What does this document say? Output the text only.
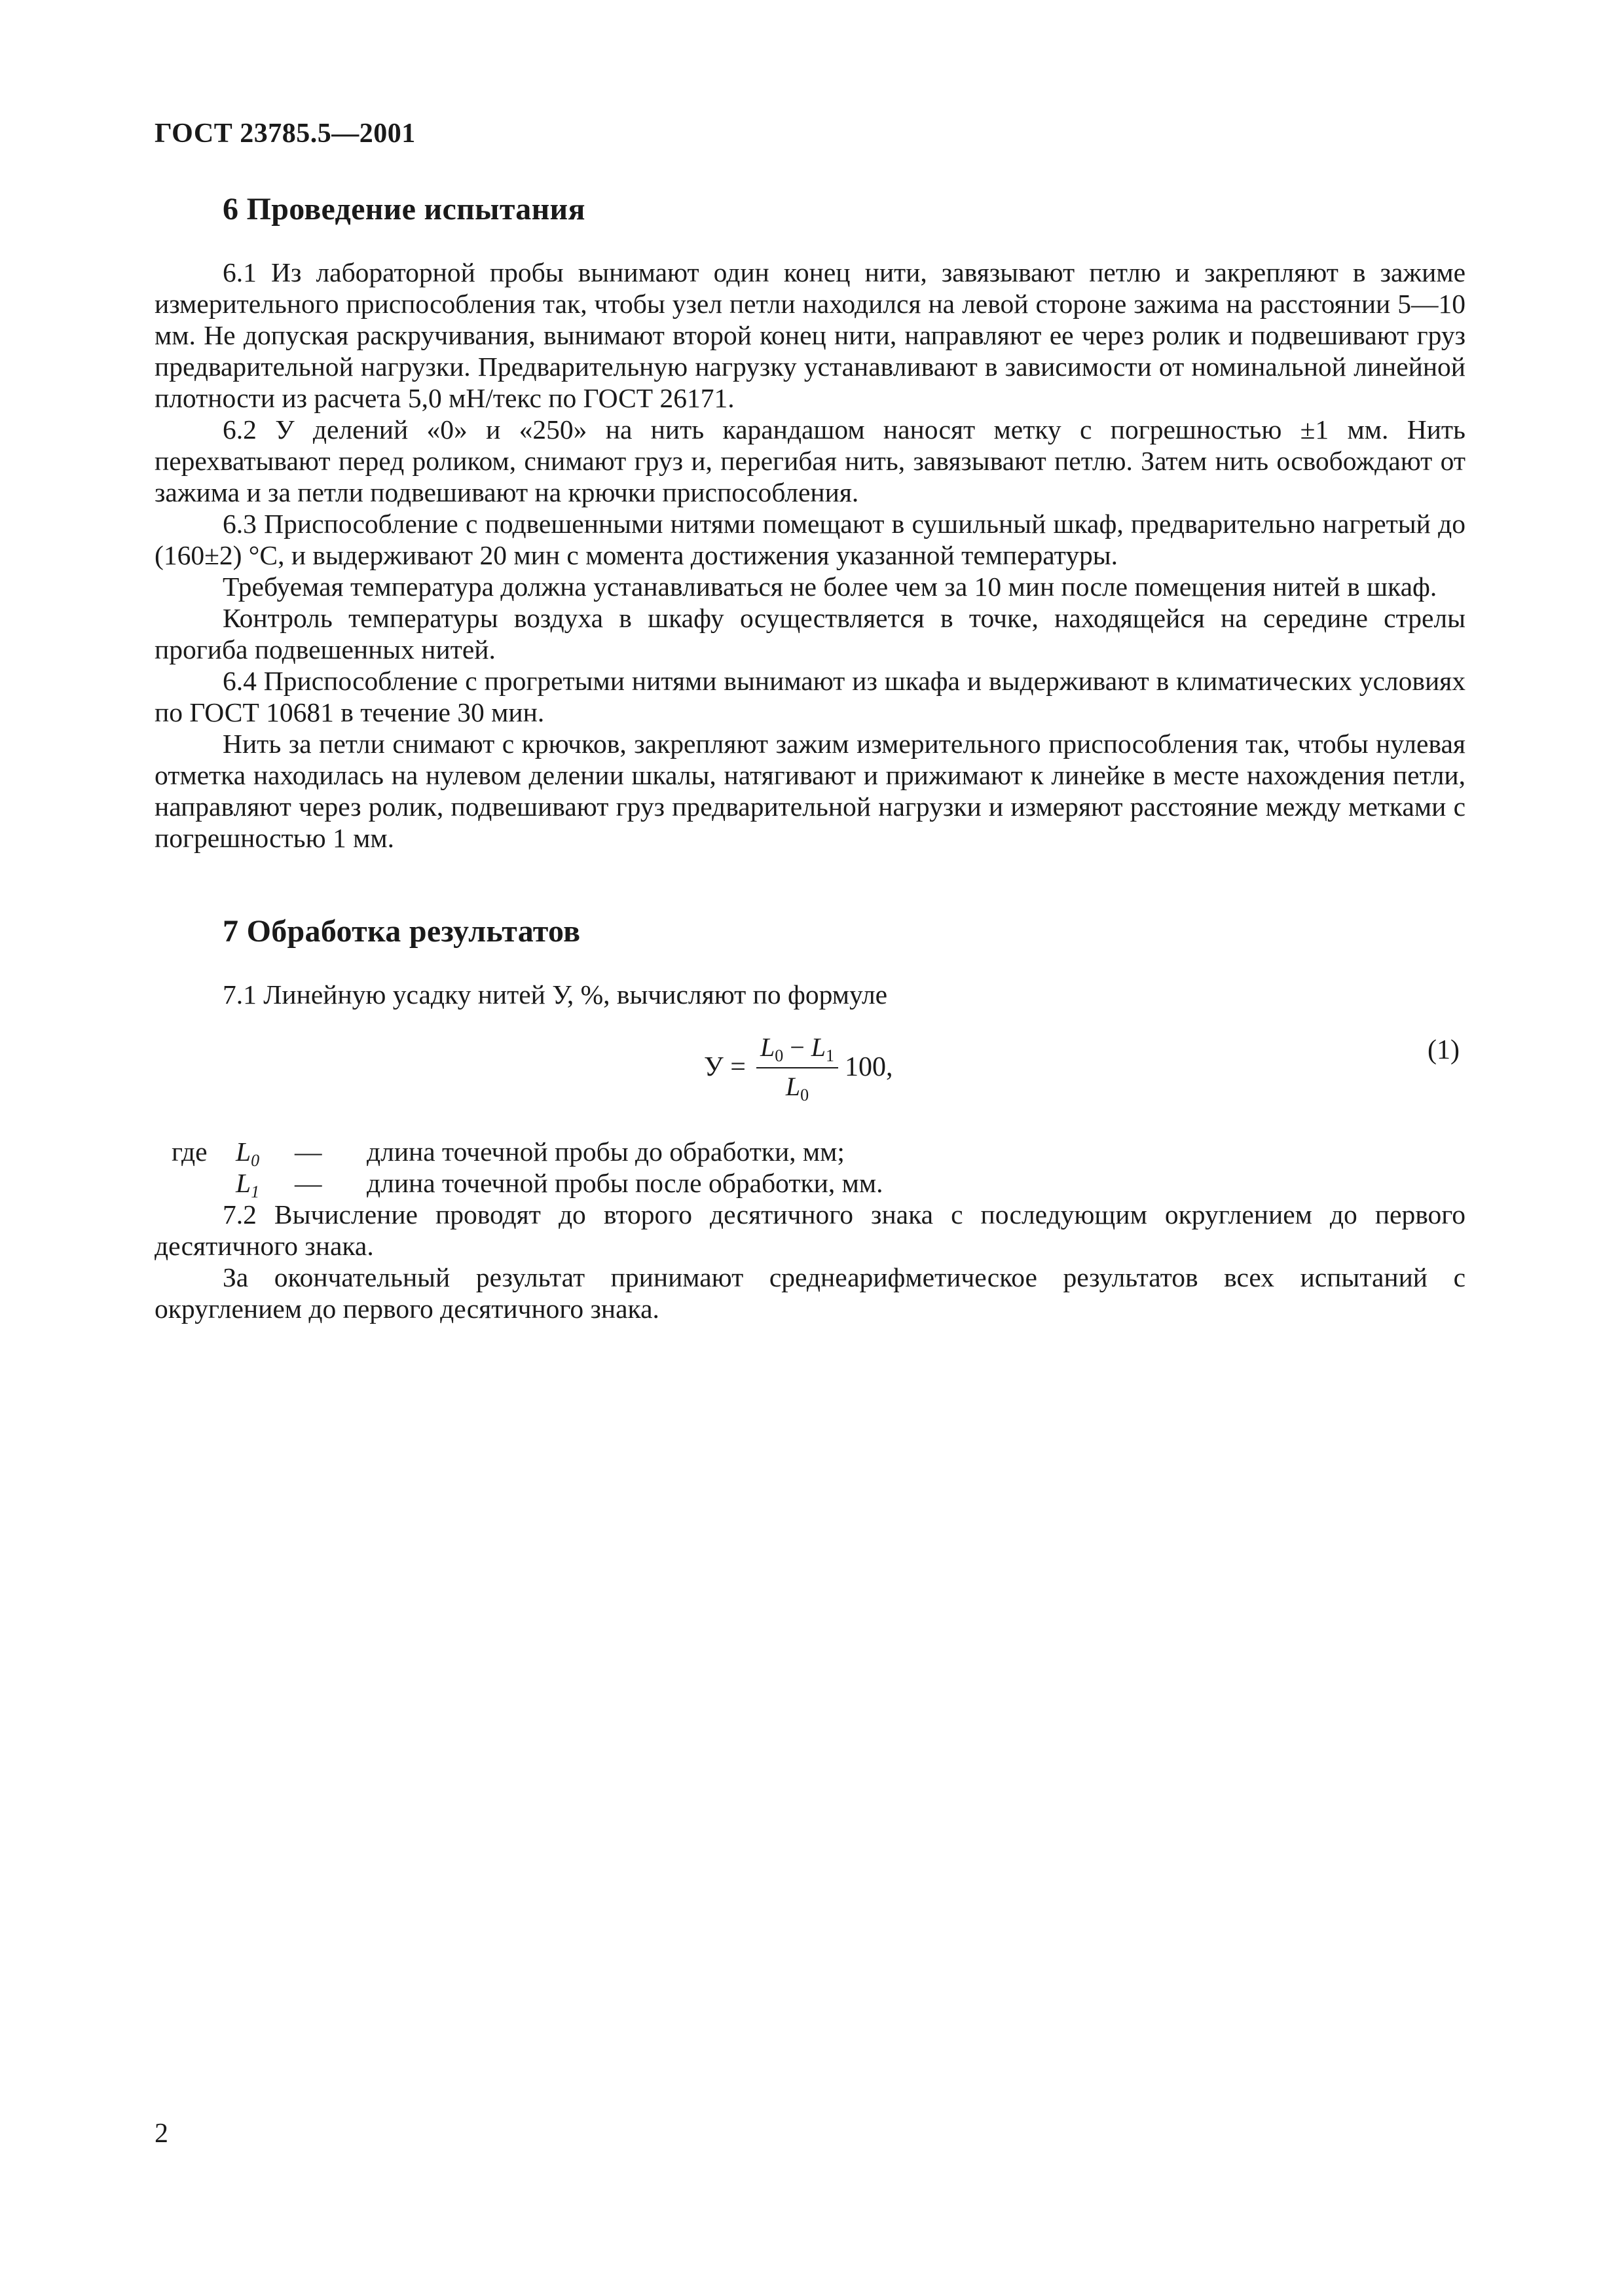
ГОСТ 23785.5—2001
6 Проведение испытания

6.1 Из лабораторной пробы вынимают один конец нити, завязывают петлю и закрепляют в зажиме измерительного приспособления так, чтобы узел петли находился на левой стороне зажима на расстоянии 5—10 мм. Не допуская раскручивания, вынимают второй конец нити, направляют ее через ролик и подвешивают груз предварительной нагрузки. Предварительную нагрузку устанавливают в зависимости от номинальной линейной плотности из расчета 5,0 мН/текс по ГОСТ 26171.

6.2 У делений «0» и «250» на нить карандашом наносят метку с погрешностью ±1 мм. Нить перехватывают перед роликом, снимают груз и, перегибая нить, завязывают петлю. Затем нить освобождают от зажима и за петли подвешивают на крючки приспособления.

6.3 Приспособление с подвешенными нитями помещают в сушильный шкаф, предварительно нагретый до (160±2) °С, и выдерживают 20 мин с момента достижения указанной температуры.

Требуемая температура должна устанавливаться не более чем за 10 мин после помещения нитей в шкаф.

Контроль температуры воздуха в шкафу осуществляется в точке, находящейся на середине стрелы прогиба подвешенных нитей.

6.4 Приспособление с прогретыми нитями вынимают из шкафа и выдерживают в климатических условиях по ГОСТ 10681 в течение 30 мин.

Нить за петли снимают с крючков, закрепляют зажим измерительного приспособления так, чтобы нулевая отметка находилась на нулевом делении шкалы, натягивают и прижимают к линейке в месте нахождения петли, направляют через ролик, подвешивают груз предварительной нагрузки и измеряют расстояние между метками с погрешностью 1 мм.

7 Обработка результатов

7.1 Линейную усадку нитей У, %, вычисляют по формуле

$У = \frac{L_0 - L_1}{L_0} 100$,
(1)
где	$L_0$	—	длина точечной пробы до обработки, мм;
$L_1$	—	длина точечной пробы после обработки, мм.

7.2 Вычисление проводят до второго десятичного знака с последующим округлением до первого десятичного знака.

За окончательный результат принимают среднеарифметическое результатов всех испытаний с округлением до первого десятичного знака.

2
